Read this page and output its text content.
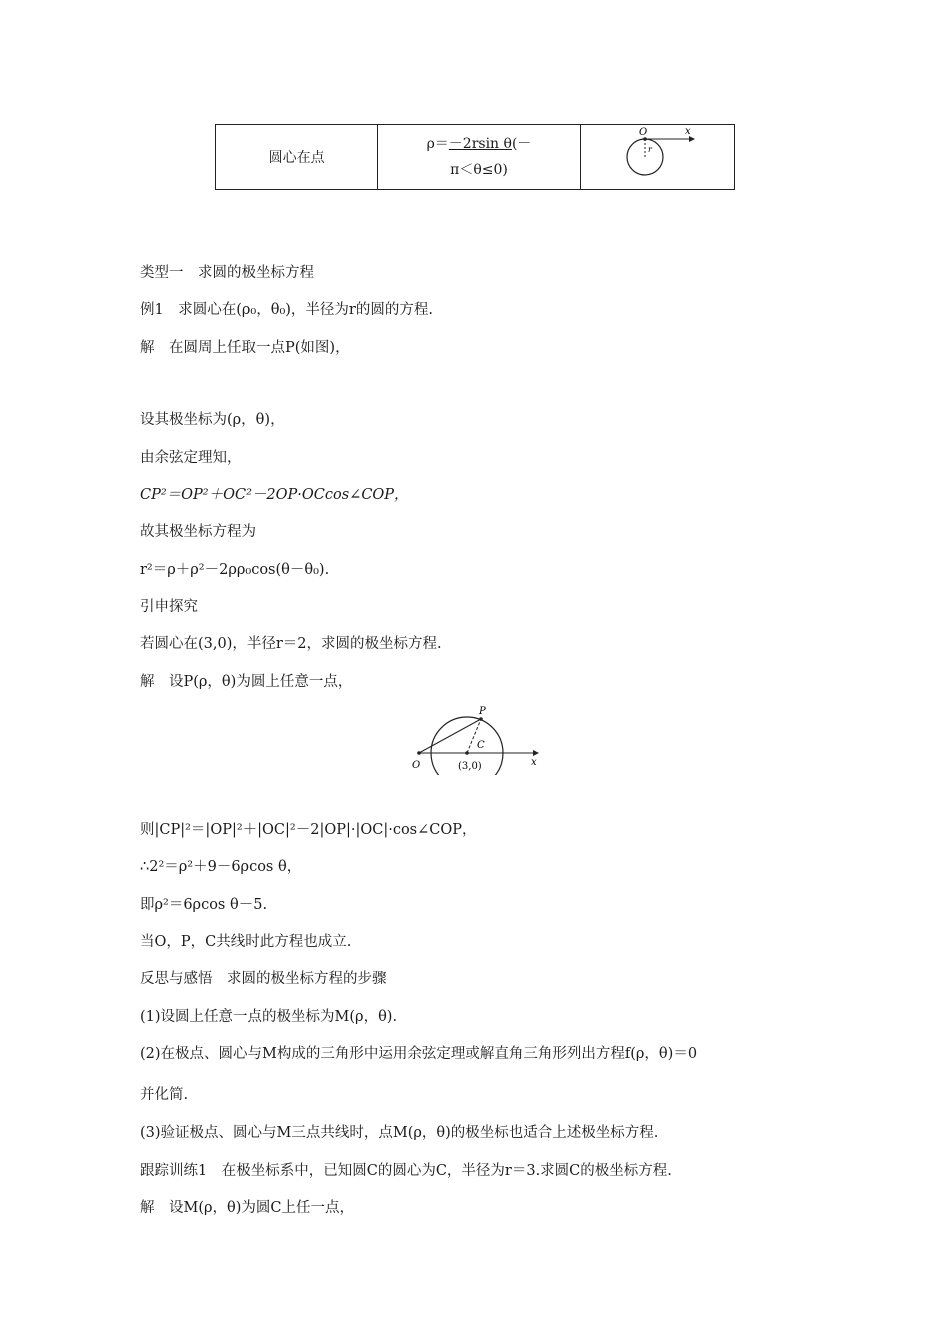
圆心在点	ρ＝－2rsin θ(－
π＜θ≤0)	
O	x
r
类型一　求圆的极坐标方程
例1　求圆心在(ρ₀，θ₀)，半径为r的圆的方程.
解　在圆周上任取一点P(如图)，
设其极坐标为(ρ，θ)，
由余弦定理知，
CP²＝OP²＋OC²－2OP·OCcos∠COP，
故其极坐标方程为
r²＝ρ＋ρ²－2ρρ₀cos(θ－θ₀).
引申探究
若圆心在(3,0)，半径r＝2，求圆的极坐标方程.
解　设P(ρ，θ)为圆上任意一点，
P
C
O	(3,0)	x
则|CP|²＝|OP|²＋|OC|²－2|OP|·|OC|·cos∠COP，
∴2²＝ρ²＋9－6ρcos θ，
即ρ²＝6ρcos θ－5.
当O，P，C共线时此方程也成立.
反思与感悟　求圆的极坐标方程的步骤
(1)设圆上任意一点的极坐标为M(ρ，θ).
(2)在极点、圆心与M构成的三角形中运用余弦定理或解直角三角形列出方程f(ρ，θ)＝0
并化简.
(3)验证极点、圆心与M三点共线时，点M(ρ，θ)的极坐标也适合上述极坐标方程.
跟踪训练1　在极坐标系中，已知圆C的圆心为C，半径为r＝3.求圆C的极坐标方程.
解　设M(ρ，θ)为圆C上任一点，
